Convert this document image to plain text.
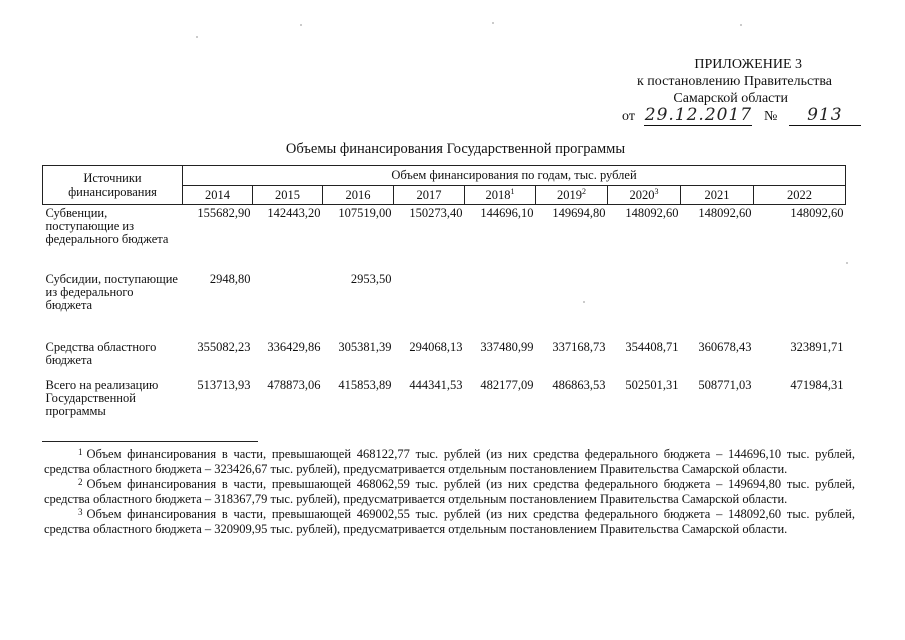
ПРИЛОЖЕНИЕ 3
к постановлению Правительства
Самарской области
от 29.12.2017 № 913
Объемы финансирования Государственной программы
Источники финансирования	Объем финансирования по годам, тыс. рублей								
	2014	2015	2016	2017	2018$^1$	2019$^2$	2020$^3$	2021	2022
Субвенции, поступающие из федерального бюджета	155682,90	142443,20	107519,00	150273,40	144696,10	149694,80	148092,60	148092,60	148092,60
Субсидии, поступающие из федерального бюджета	2948,80		2953,50						
Средства областного бюджета	355082,23	336429,86	305381,39	294068,13	337480,99	337168,73	354408,71	360678,43	323891,71
Всего на реализацию Государственной программы	513713,93	478873,06	415853,89	444341,53	482177,09	486863,53	502501,31	508771,03	471984,31

1 Объем финансирования в части, превышающей 468122,77 тыс. рублей (из них средства федерального бюджета – 144696,10 тыс. рублей, средства областного бюджета – 323426,67 тыс. рублей), предусматривается отдельным постановлением Правительства Самарской области.

2 Объем финансирования в части, превышающей 468062,59 тыс. рублей (из них средства федерального бюджета – 149694,80 тыс. рублей, средства областного бюджета – 318367,79 тыс. рублей), предусматривается отдельным постановлением Правительства Самарской области.

3 Объем финансирования в части, превышающей 469002,55 тыс. рублей (из них средства федерального бюджета – 148092,60 тыс. рублей, средства областного бюджета – 320909,95 тыс. рублей), предусматривается отдельным постановлением Правительства Самарской области.
